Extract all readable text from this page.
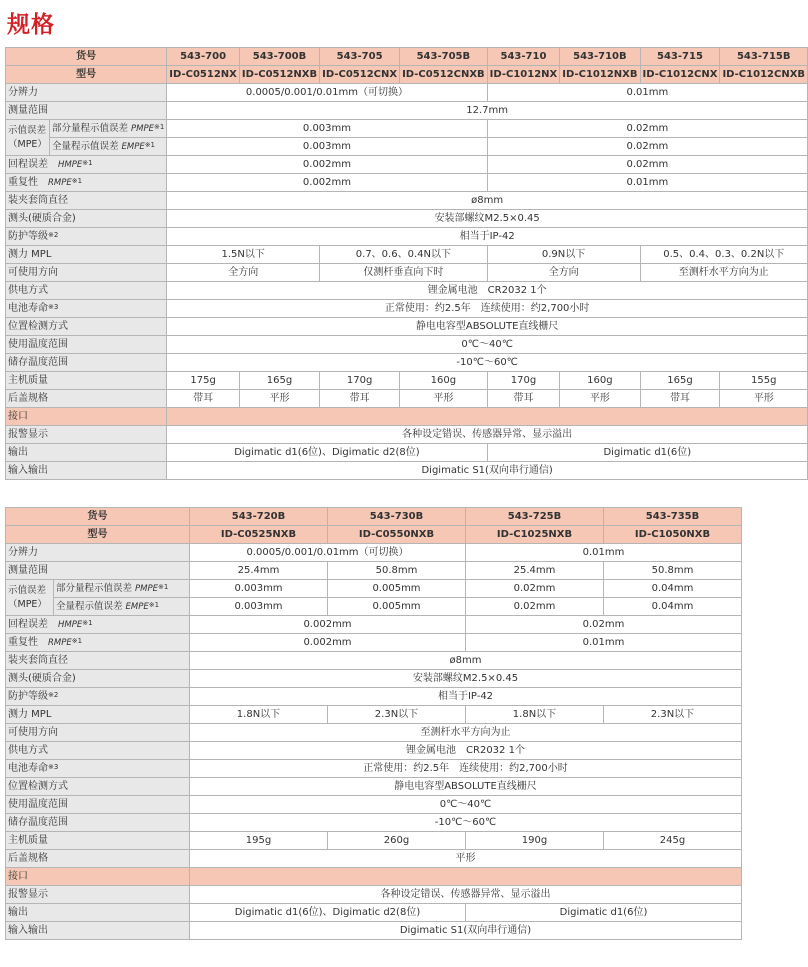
规格
货号		543-700	543-700B	543-705	543-705B	543-710	543-710B	543-715	543-715B
型号		ID-C0512NX	ID-C0512NXB	ID-C0512CNX	ID-C0512CNXB	ID-C1012NX	ID-C1012NXB	ID-C1012CNX	ID-C1012CNXB
分辨力		0.0005/0.001/0.01mm（可切换）				0.01mm			
测量范围		12.7mm							
示值误差
（MPE）	部分量程示值误差 PMPE$^{※1}$	0.003mm				0.02mm			
	全量程示值误差 EMPE$^{※1}$	0.003mm				0.02mm			
回程误差　 HMPE$^{※1}$		0.002mm				0.02mm			
重复性　 RMPE$^{※1}$		0.002mm				0.01mm			
装夹套筒直径		ø8mm							
测头(硬质合金)		安装部螺纹M2.5×0.45							
防护等级$^{※2}$		相当于IP-42							
测力 MPL		1.5N以下		0.7、0.6、0.4N以下		0.9N以下		0.5、0.4、0.3、0.2N以下	
可使用方向		全方向		仅测杆垂直向下时		全方向		至测杆水平方向为止	
供电方式		锂金属电池　CR2032 1个							
电池寿命$^{※3}$		正常使用：约2.5年　连续使用：约2,700小时							
位置检测方式		静电电容型ABSOLUTE直线栅尺							
使用温度范围		0℃～40℃							
储存温度范围		-10℃～60℃							
主机质量		175g	165g	170g	160g	170g	160g	165g	155g
后盖规格		带耳	平形	带耳	平形	带耳	平形	带耳	平形
接口									
报警显示		各种设定错误、传感器异常、显示溢出							
输出		Digimatic d1(6位)、Digimatic d2(8位)				Digimatic d1(6位)			
输入输出		Digimatic S1(双向串行通信)							
货号		543-720B	543-730B	543-725B	543-735B
型号		ID-C0525NXB	ID-C0550NXB	ID-C1025NXB	ID-C1050NXB
分辨力		0.0005/0.001/0.01mm（可切换）		0.01mm	
测量范围		25.4mm	50.8mm	25.4mm	50.8mm
示值误差
（MPE）	部分量程示值误差 PMPE$^{※1}$	0.003mm	0.005mm	0.02mm	0.04mm
	全量程示值误差 EMPE$^{※1}$	0.003mm	0.005mm	0.02mm	0.04mm
回程误差　 HMPE$^{※1}$		0.002mm		0.02mm	
重复性　 RMPE$^{※1}$		0.002mm		0.01mm	
装夹套筒直径		ø8mm			
测头(硬质合金)		安装部螺纹M2.5×0.45			
防护等级$^{※2}$		相当于IP-42			
测力 MPL		1.8N以下	2.3N以下	1.8N以下	2.3N以下
可使用方向		至测杆水平方向为止			
供电方式		锂金属电池　CR2032 1个			
电池寿命$^{※3}$		正常使用：约2.5年　连续使用：约2,700小时			
位置检测方式		静电电容型ABSOLUTE直线栅尺			
使用温度范围		0℃～40℃			
储存温度范围		-10℃～60℃			
主机质量		195g	260g	190g	245g
后盖规格		平形			
接口					
报警显示		各种设定错误、传感器异常、显示溢出			
输出		Digimatic d1(6位)、Digimatic d2(8位)		Digimatic d1(6位)	
输入输出		Digimatic S1(双向串行通信)			
